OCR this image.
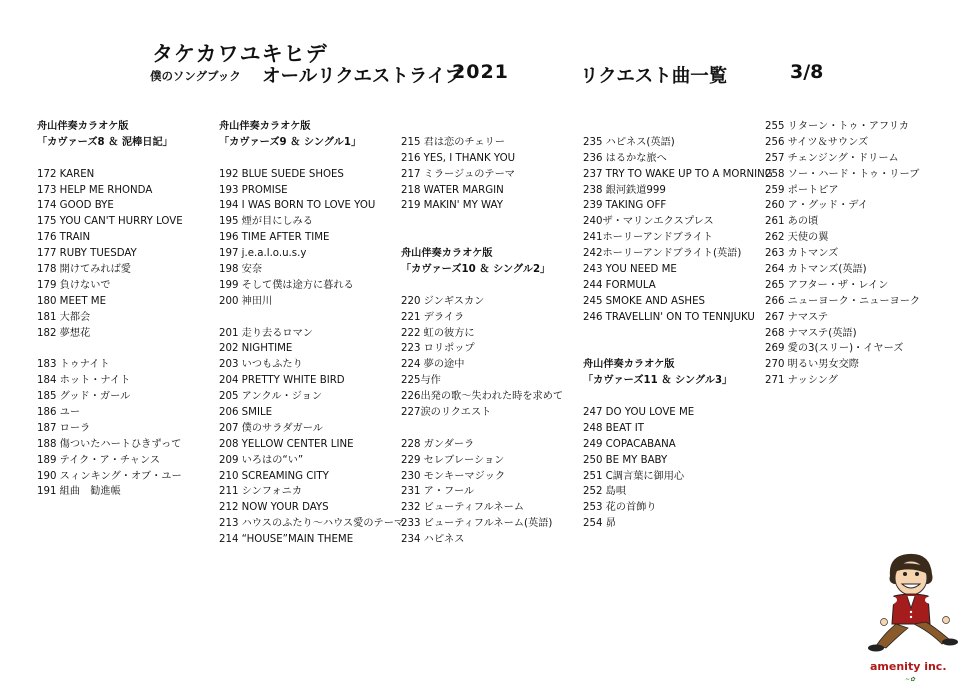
タケカワユキヒデ
僕のソングブック オールリクエストライブ
2021	リクエスト曲一覧	3/8
舟山伴奏カラオケ版
「カヴァーズ8 ＆ 泥棒日記」
172 KAREN
173 HELP ME RHONDA
174 GOOD BYE
175 YOU CAN'T HURRY LOVE
176 TRAIN
177 RUBY TUESDAY
178 開けてみれば愛
179 負けないで
180 MEET ME
181 大都会
182 夢想花
183 トゥナイト
184 ホット・ナイト
185 グッド・ガール
186 ユー
187 ローラ
188 傷ついたハートひきずって
189 テイク・ア・チャンス
190 スィンキング・オブ・ユー
191 組曲　勧進帳
舟山伴奏カラオケ版
「カヴァーズ9 ＆ シングル1」
192 BLUE SUEDE SHOES
193 PROMISE
194 I WAS BORN TO LOVE YOU
195 煙が目にしみる
196 TIME AFTER TIME
197 j.e.a.l.o.u.s.y
198 安奈
199 そして僕は途方に暮れる
200 神田川
201 走り去るロマン
202 NIGHTIME
203 いつもふたり
204 PRETTY WHITE BIRD
205 アンクル・ジョン
206 SMILE
207 僕のサラダガール
208 YELLOW CENTER LINE
209 いろはの“い”
210 SCREAMING CITY
211 シンフォニカ
212 NOW YOUR DAYS
213 ハウスのふたり〜ハウス愛のテーマ
214 “HOUSE”MAIN THEME
215 君は恋のチェリー
216 YES, I THANK YOU
217 ミラージュのテーマ
218 WATER MARGIN
219 MAKIN' MY WAY
舟山伴奏カラオケ版
「カヴァーズ10 ＆ シングル2」
220 ジンギスカン
221 デライラ
222 虹の彼方に
223 ロリポップ
224 夢の途中
225与作
226出発の歌〜失われた時を求めて
227涙のリクエスト
228 ガンダーラ
229 セレブレーション
230 モンキーマジック
231 ア・フール
232 ビューティフルネーム
233 ビューティフルネーム(英語)
234 ハピネス
235 ハピネス(英語)
236 はるかな旅へ
237 TRY TO WAKE UP TO A MORNING
238 銀河鉄道999
239 TAKING OFF
240ザ・マリンエクスプレス
241ホーリーアンドブライト
242ホーリーアンドブライト(英語)
243 YOU NEED ME
244 FORMULA
245 SMOKE AND ASHES
246 TRAVELLIN' ON TO TENNJUKU
舟山伴奏カラオケ版
「カヴァーズ11 ＆ シングル3」
247 DO YOU LOVE ME
248 BEAT IT
249 COPACABANA
250 BE MY BABY
251 C調言葉に御用心
252 島唄
253 花の首飾り
254 昴
255 リターン・トゥ・アフリカ
256 サイツ＆サウンズ
257 チェンジング・ドリーム
258 ソー・ハード・トゥ・リーブ
259 ポートピア
260 ア・グッド・デイ
261 あの頃
262 天使の翼
263 カトマンズ
264 カトマンズ(英語)
265 アフター・ザ・レイン
266 ニューヨーク・ニューヨーク
267 ナマステ
268 ナマステ(英語)
269 愛の3(スリー)・イヤーズ
270 明るい男女交際
271 ナッシング
amenity inc.
~✿
